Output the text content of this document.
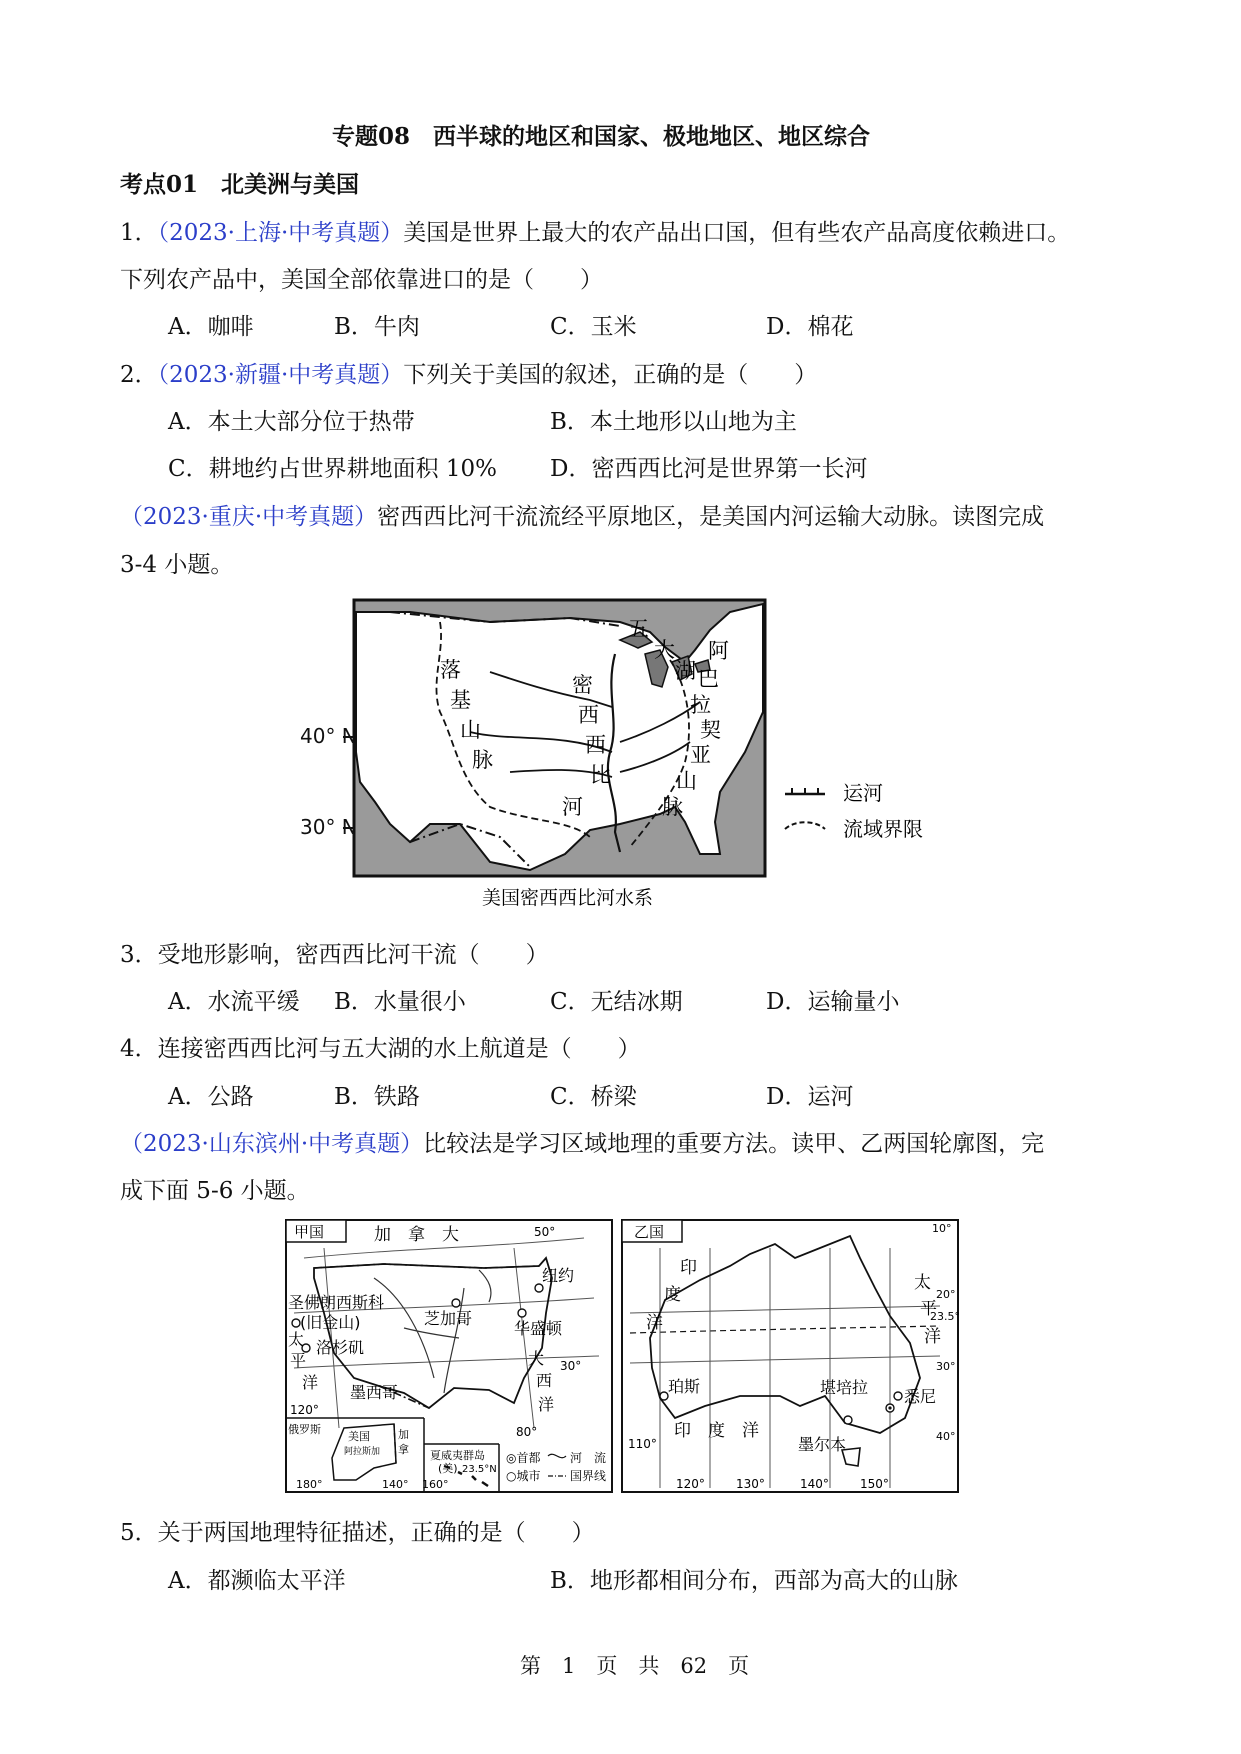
专题08　西半球的地区和国家、极地地区、地区综合
考点01　北美洲与美国
1．（2023·上海·中考真题）美国是世界上最大的农产品出口国，但有些农产品高度依赖进口。
下列农产品中，美国全部依靠进口的是（　　）
A．咖啡	B．牛肉	C．玉米	D．棉花
2．（2023·新疆·中考真题）下列关于美国的叙述，正确的是（　　）
A．本土大部分位于热带	B．本土地形以山地为主
C．耕地约占世界耕地面积 10% D．密西西比河是世界第一长河
（2023·重庆·中考真题）密西西比河干流流经平原地区，是美国内河运输大动脉。读图完成
3-4 小题。
40° N
30° N
五
大
湖
落
基
山
脉
密
西
西
比
河
阿
巴
拉
契
亚
山
脉
运河
流域界限
美国密西西比河水系
3．受地形影响，密西西比河干流（　　）
A．水流平缓 B．水量很小	C．无结冰期	D．运输量小
4．连接密西西比河与五大湖的水上航道是（　　）
A．公路	B．铁路	C．桥梁	D．运河
（2023·山东滨州·中考真题）比较法是学习区域地理的重要方法。读甲、乙两国轮廓图，完
成下面 5-6 小题。
甲国	加　拿　大	50°
纽约
圣佛朗西斯科
(旧金山)	芝加哥
华盛顿
洛杉矶
太
平
洋
大
西
洋
墨西哥
30°
120°
80°
俄罗斯
美国
阿拉斯加
加
拿
180°	140° 160°
夏威夷群岛
(美) 23.5°N
◎首都
○城市
河　流
国界线
乙国
印
度
洋
太
平
洋
10°
20°
23.5°
30°
40°
珀斯
悉尼
堪培拉
印　度　洋
墨尔本
110°
120°	130°	140°	150°
5．关于两国地理特征描述，正确的是（　　）
A．都濒临太平洋	B．地形都相间分布，西部为高大的山脉
第　1　页　共　62　页
